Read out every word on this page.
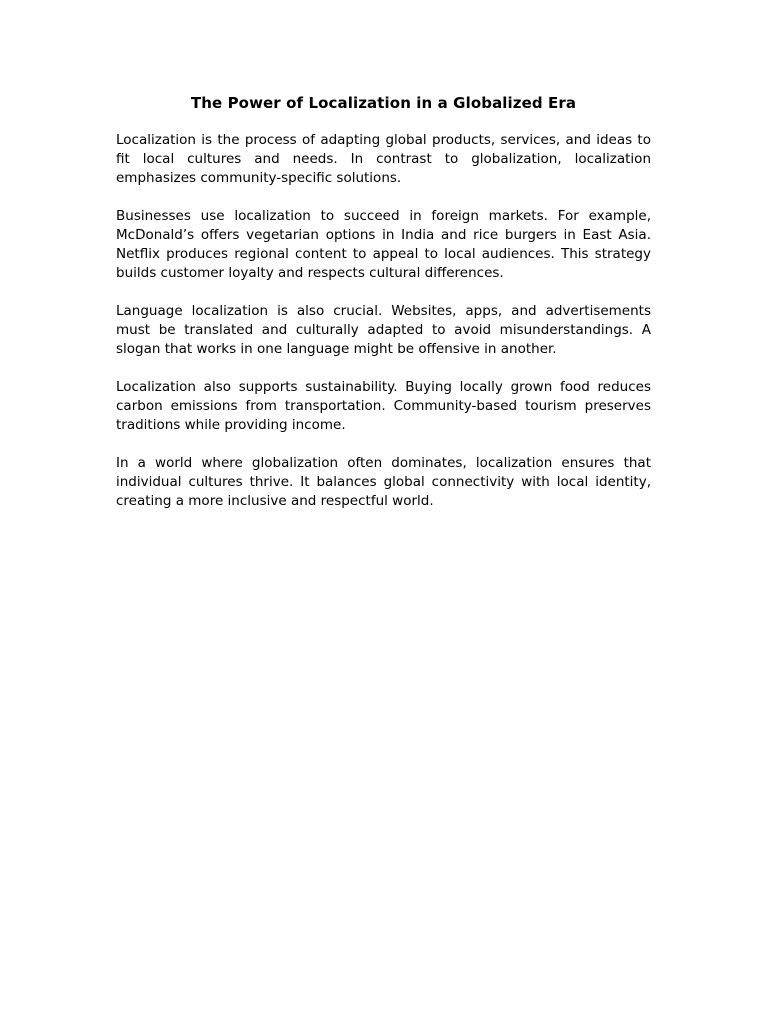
The Power of Localization in a Globalized Era

Localization is the process of adapting global products, services, and ideas to fit local cultures and needs. In contrast to globalization, localization emphasizes community-specific solutions.

Businesses use localization to succeed in foreign markets. For example, McDonald’s offers vegetarian options in India and rice burgers in East Asia. Netflix produces regional content to appeal to local audiences. This strategy builds customer loyalty and respects cultural differences.

Language localization is also crucial. Websites, apps, and advertisements must be translated and culturally adapted to avoid misunderstandings. A slogan that works in one language might be offensive in another.

Localization also supports sustainability. Buying locally grown food reduces carbon emissions from transportation. Community-based tourism preserves traditions while providing income.

In a world where globalization often dominates, localization ensures that individual cultures thrive. It balances global connectivity with local identity, creating a more inclusive and respectful world.
